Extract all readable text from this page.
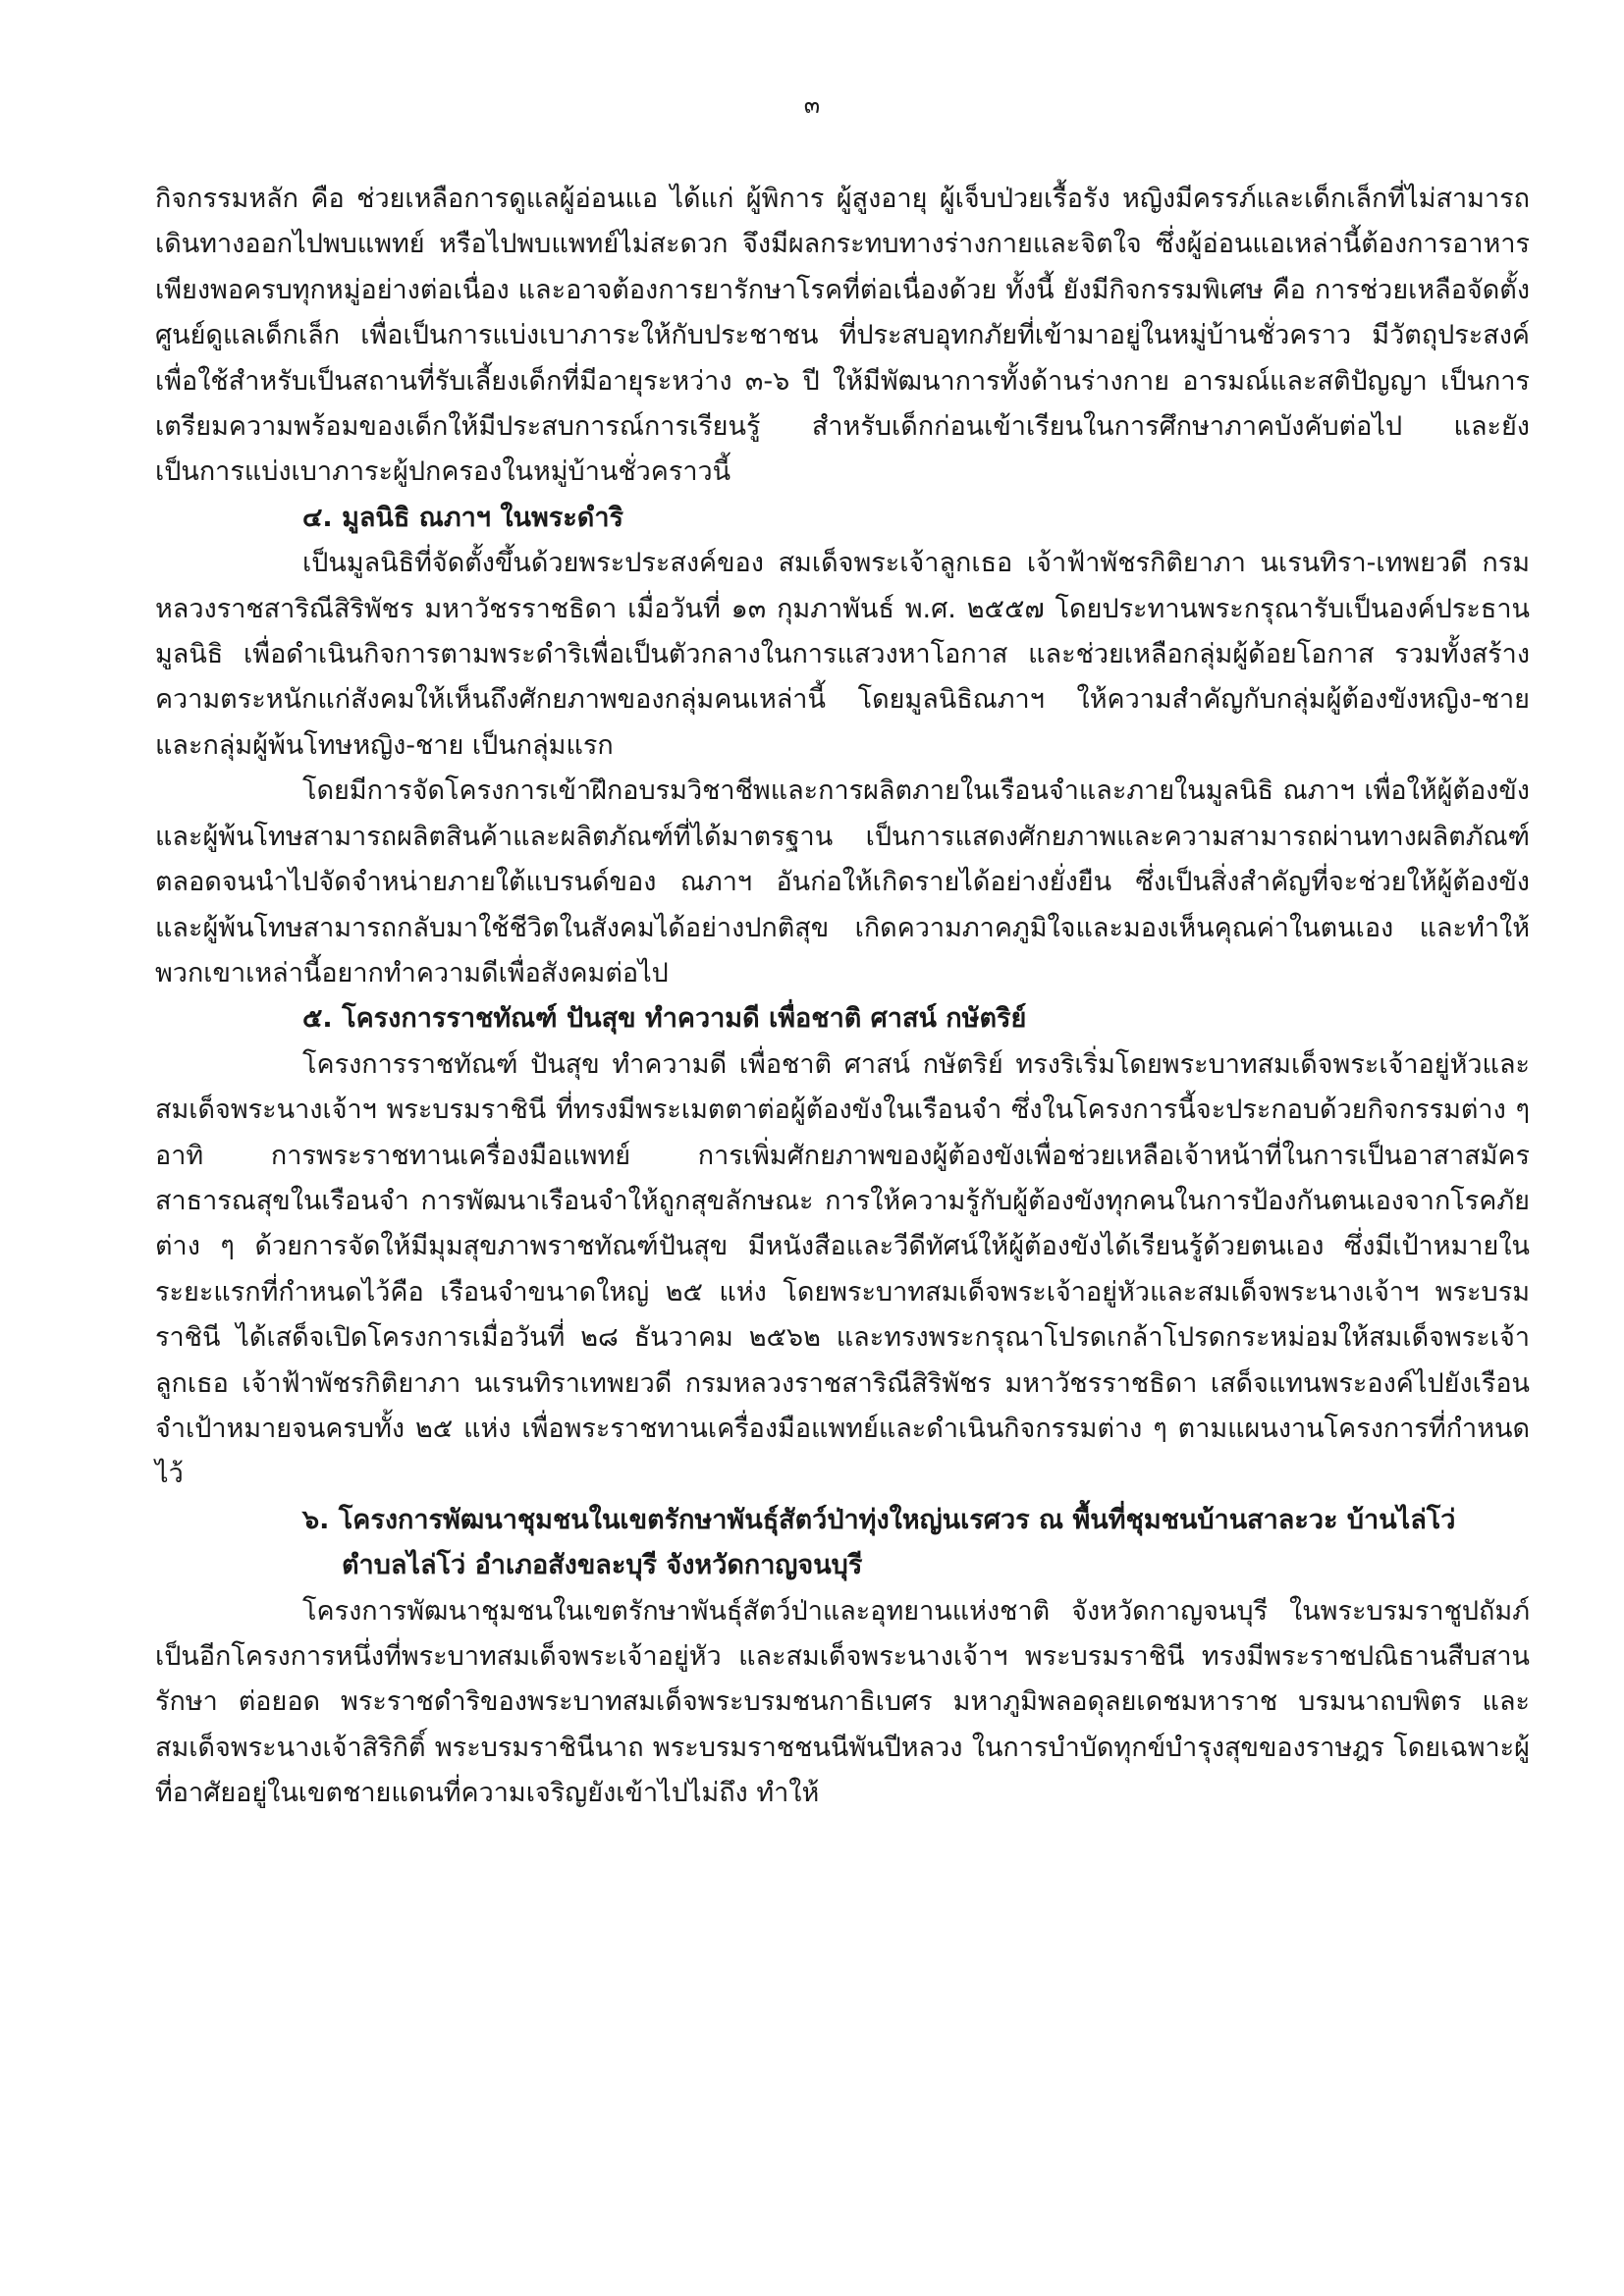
๓

กิจกรรมหลัก คือ ช่วยเหลือการดูแลผู้อ่อนแอ ได้แก่ ผู้พิการ ผู้สูงอายุ ผู้เจ็บป่วยเรื้อรัง หญิงมีครรภ์และเด็กเล็กที่ไม่สามารถเดินทางออกไปพบแพทย์ หรือไปพบแพทย์ไม่สะดวก จึงมีผลกระทบทางร่างกายและจิตใจ ซึ่งผู้อ่อนแอเหล่านี้ต้องการอาหารเพียงพอครบทุกหมู่อย่างต่อเนื่อง และอาจต้องการยารักษาโรคที่ต่อเนื่องด้วย ทั้งนี้ ยังมีกิจกรรมพิเศษ คือ การช่วยเหลือจัดตั้งศูนย์ดูแลเด็กเล็ก เพื่อเป็นการแบ่งเบาภาระให้กับประชาชน ที่ประสบอุทกภัยที่เข้ามาอยู่ในหมู่บ้านชั่วคราว มีวัตถุประสงค์เพื่อใช้สำหรับเป็นสถานที่รับเลี้ยงเด็กที่มีอายุระหว่าง ๓-๖ ปี ให้มีพัฒนาการทั้งด้านร่างกาย อารมณ์และสติปัญญา เป็นการเตรียมความพร้อมของเด็กให้มีประสบการณ์การเรียนรู้ สำหรับเด็กก่อนเข้าเรียนในการศึกษาภาคบังคับต่อไป และยังเป็นการแบ่งเบาภาระผู้ปกครองในหมู่บ้านชั่วคราวนี้

๔. มูลนิธิ ณภาฯ ในพระดำริ

เป็นมูลนิธิที่จัดตั้งขึ้นด้วยพระประสงค์ของ สมเด็จพระเจ้าลูกเธอ เจ้าฟ้าพัชรกิติยาภา นเรนทิรา-เทพยวดี กรมหลวงราชสาริณีสิริพัชร มหาวัชรราชธิดา เมื่อวันที่ ๑๓ กุมภาพันธ์ พ.ศ. ๒๕๕๗ โดยประทานพระกรุณารับเป็นองค์ประธานมูลนิธิ เพื่อดำเนินกิจการตามพระดำริเพื่อเป็นตัวกลางในการแสวงหาโอกาส และช่วยเหลือกลุ่มผู้ด้อยโอกาส รวมทั้งสร้างความตระหนักแก่สังคมให้เห็นถึงศักยภาพของกลุ่มคนเหล่านี้ โดยมูลนิธิณภาฯ ให้ความสำคัญกับกลุ่มผู้ต้องขังหญิง-ชาย และกลุ่มผู้พ้นโทษหญิง-ชาย เป็นกลุ่มแรก

โดยมีการจัดโครงการเข้าฝึกอบรมวิชาชีพและการผลิตภายในเรือนจำและภายในมูลนิธิ ณภาฯ เพื่อให้ผู้ต้องขังและผู้พ้นโทษสามารถผลิตสินค้าและผลิตภัณฑ์ที่ได้มาตรฐาน เป็นการแสดงศักยภาพและความสามารถผ่านทางผลิตภัณฑ์ ตลอดจนนำไปจัดจำหน่ายภายใต้แบรนด์ของ ณภาฯ อันก่อให้เกิดรายได้อย่างยั่งยืน ซึ่งเป็นสิ่งสำคัญที่จะช่วยให้ผู้ต้องขังและผู้พ้นโทษสามารถกลับมาใช้ชีวิตในสังคมได้อย่างปกติสุข เกิดความภาคภูมิใจและมองเห็นคุณค่าในตนเอง และทำให้พวกเขาเหล่านี้อยากทำความดีเพื่อสังคมต่อไป

๕. โครงการราชทัณฑ์ ปันสุข ทำความดี เพื่อชาติ ศาสน์ กษัตริย์

โครงการราชทัณฑ์ ปันสุข ทำความดี เพื่อชาติ ศาสน์ กษัตริย์ ทรงริเริ่มโดยพระบาทสมเด็จพระเจ้าอยู่หัวและสมเด็จพระนางเจ้าฯ พระบรมราชินี ที่ทรงมีพระเมตตาต่อผู้ต้องขังในเรือนจำ ซึ่งในโครงการนี้จะประกอบด้วยกิจกรรมต่าง ๆ อาทิ การพระราชทานเครื่องมือแพทย์ การเพิ่มศักยภาพของผู้ต้องขังเพื่อช่วยเหลือเจ้าหน้าที่ในการเป็นอาสาสมัครสาธารณสุขในเรือนจำ การพัฒนาเรือนจำให้ถูกสุขลักษณะ การให้ความรู้กับผู้ต้องขังทุกคนในการป้องกันตนเองจากโรคภัยต่าง ๆ ด้วยการจัดให้มีมุมสุขภาพราชทัณฑ์ปันสุข มีหนังสือและวีดีทัศน์ให้ผู้ต้องขังได้เรียนรู้ด้วยตนเอง ซึ่งมีเป้าหมายในระยะแรกที่กำหนดไว้คือ เรือนจำขนาดใหญ่ ๒๕ แห่ง โดยพระบาทสมเด็จพระเจ้าอยู่หัวและสมเด็จพระนางเจ้าฯ พระบรมราชินี ได้เสด็จเปิดโครงการเมื่อวันที่ ๒๘ ธันวาคม ๒๕๖๒ และทรงพระกรุณาโปรดเกล้าโปรดกระหม่อมให้สมเด็จพระเจ้าลูกเธอ เจ้าฟ้าพัชรกิติยาภา นเรนทิราเทพยวดี กรมหลวงราชสาริณีสิริพัชร มหาวัชรราชธิดา เสด็จแทนพระองค์ไปยังเรือนจำเป้าหมายจนครบทั้ง ๒๕ แห่ง เพื่อพระราชทานเครื่องมือแพทย์และดำเนินกิจกรรมต่าง ๆ ตามแผนงานโครงการที่กำหนดไว้

๖. โครงการพัฒนาชุมชนในเขตรักษาพันธุ์สัตว์ป่าทุ่งใหญ่นเรศวร ณ พื้นที่ชุมชนบ้านสาละวะ บ้านไล่โว่ ตำบลไล่โว่ อำเภอสังขละบุรี จังหวัดกาญจนบุรี

โครงการพัฒนาชุมชนในเขตรักษาพันธุ์สัตว์ป่าและอุทยานแห่งชาติ จังหวัดกาญจนบุรี ในพระบรมราชูปถัมภ์ เป็นอีกโครงการหนึ่งที่พระบาทสมเด็จพระเจ้าอยู่หัว และสมเด็จพระนางเจ้าฯ พระบรมราชินี ทรงมีพระราชปณิธานสืบสาน รักษา ต่อยอด พระราชดำริของพระบาทสมเด็จพระบรมชนกาธิเบศร มหาภูมิพลอดุลยเดชมหาราช บรมนาถบพิตร และสมเด็จพระนางเจ้าสิริกิติ์ พระบรมราชินีนาถ พระบรมราชชนนีพันปีหลวง ในการบำบัดทุกข์บำรุงสุขของราษฎร โดยเฉพาะผู้ที่อาศัยอยู่ในเขตชายแดนที่ความเจริญยังเข้าไปไม่ถึง ทำให้
